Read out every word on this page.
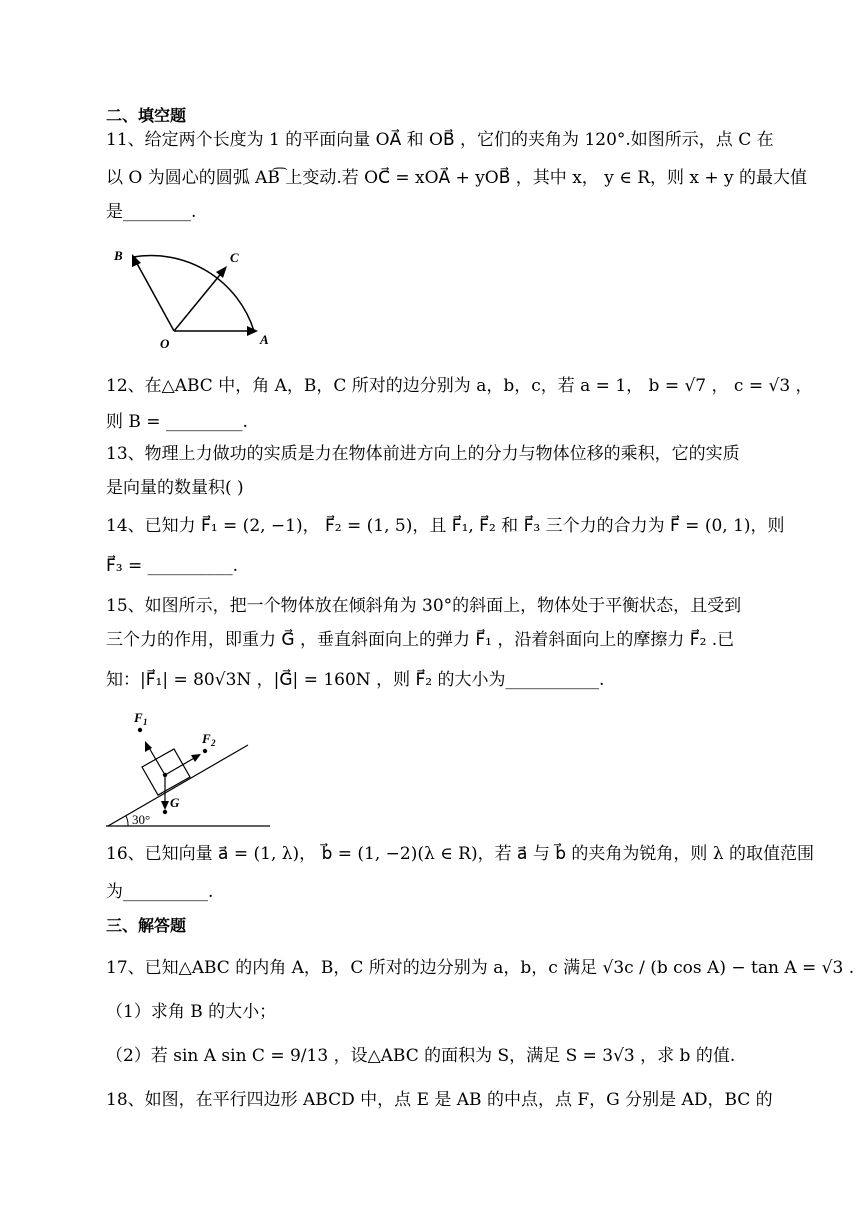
二、填空题
11、给定两个长度为 1 的平面向量 OA⃗ 和 OB⃗ ，它们的夹角为 120°.如图所示，点 C 在
以 O 为圆心的圆弧 AB͡ 上变动.若 OC⃗ = xOA⃗ + yOB⃗ ，其中 x， y ∈ R，则 x + y 的最大值
是________.
B	C
O	A
12、在△ABC 中，角 A，B，C 所对的边分别为 a，b，c，若 a = 1， b = √7 ， c = √3 ，
则 B = _________.
13、物理上力做功的实质是力在物体前进方向上的分力与物体位移的乘积，它的实质
是向量的数量积( )
14、已知力 F⃗₁ = (2, −1)， F⃗₂ = (1, 5)，且 F⃗₁, F⃗₂ 和 F⃗₃ 三个力的合力为 F⃗ = (0, 1)，则
F⃗₃ = __________.
15、如图所示，把一个物体放在倾斜角为 30°的斜面上，物体处于平衡状态，且受到
三个力的作用，即重力 G⃗ ，垂直斜面向上的弹力 F⃗₁ ，沿着斜面向上的摩擦力 F⃗₂ .已
知：|F⃗₁| = 80√3N ，|G⃗| = 160N ，则 F⃗₂ 的大小为___________.
F 1
F 2
G
30°
16、已知向量 a⃗ = (1, λ)， b⃗ = (1, −2)(λ ∈ R)，若 a⃗ 与 b⃗ 的夹角为锐角，则 λ 的取值范围
为__________.
三、解答题
17、已知△ABC 的内角 A，B，C 所对的边分别为 a，b，c 满足 √3c / (b cos A) − tan A = √3 .
（1）求角 B 的大小；
（2）若 sin A sin C = 9/13 ，设△ABC 的面积为 S，满足 S = 3√3 ，求 b 的值.
18、如图，在平行四边形 ABCD 中，点 E 是 AB 的中点，点 F，G 分别是 AD，BC 的
